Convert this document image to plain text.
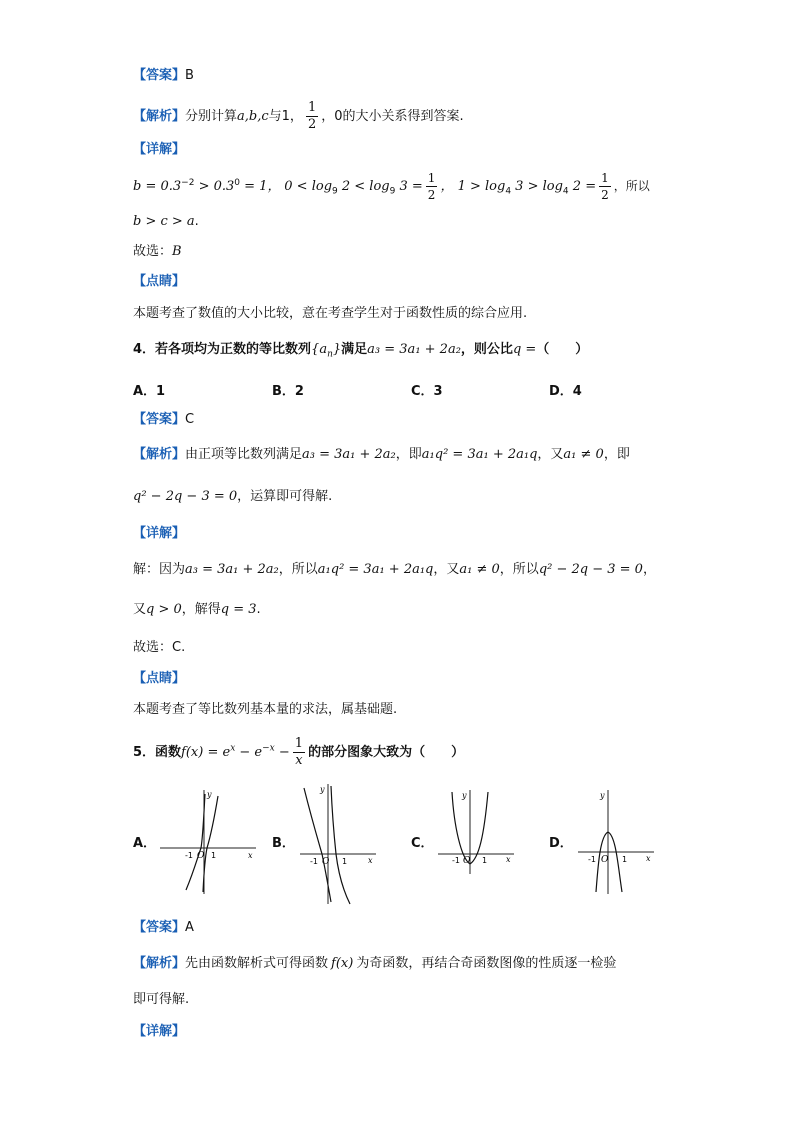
【答案】B
【解析】分别计算a,b,c与1， $\frac{1}{2}$ ，0的大小关系得到答案.
【详解】
$b = 0.3^{-2} > 0.3^0 = 1$， $0 < \log_9 2 < \log_9 3 = \frac{1}{2}$ ， $1 > \log_4 3 > \log_4 2 = \frac{1}{2}$ ，所以
b > c > a.
故选：B
【点睛】
本题考查了数值的大小比较，意在考查学生对于函数性质的综合应用.
4．若各项均为正数的等比数列$\{a_n\}$满足a₃ = 3a₁ + 2a₂，则公比q =（　　）
A．1	B．2	C．3	D．4
【答案】C
【解析】由正项等比数列满足a₃ = 3a₁ + 2a₂，即a₁q² = 3a₁ + 2a₁q，又a₁ ≠ 0，即
q² − 2q − 3 = 0，运算即可得解.
【详解】
解：因为a₃ = 3a₁ + 2a₂，所以a₁q² = 3a₁ + 2a₁q，又a₁ ≠ 0，所以q² − 2q − 3 = 0，
又q > 0，解得q = 3.
故选：C.
【点睛】
本题考查了等比数列基本量的求法，属基础题.
5．函数$f(x) = e^x - e^{-x} - \frac{1}{x}$ 的部分图象大致为（　　）
A．	B．	C．	D．
y
x
-1 O 1
y
x
-1 O 1
y
x
-1 O 1
y
x
-1 O 1
【答案】A
【解析】先由函数解析式可得函数 f(x) 为奇函数，再结合奇函数图像的性质逐一检验
即可得解.
【详解】
